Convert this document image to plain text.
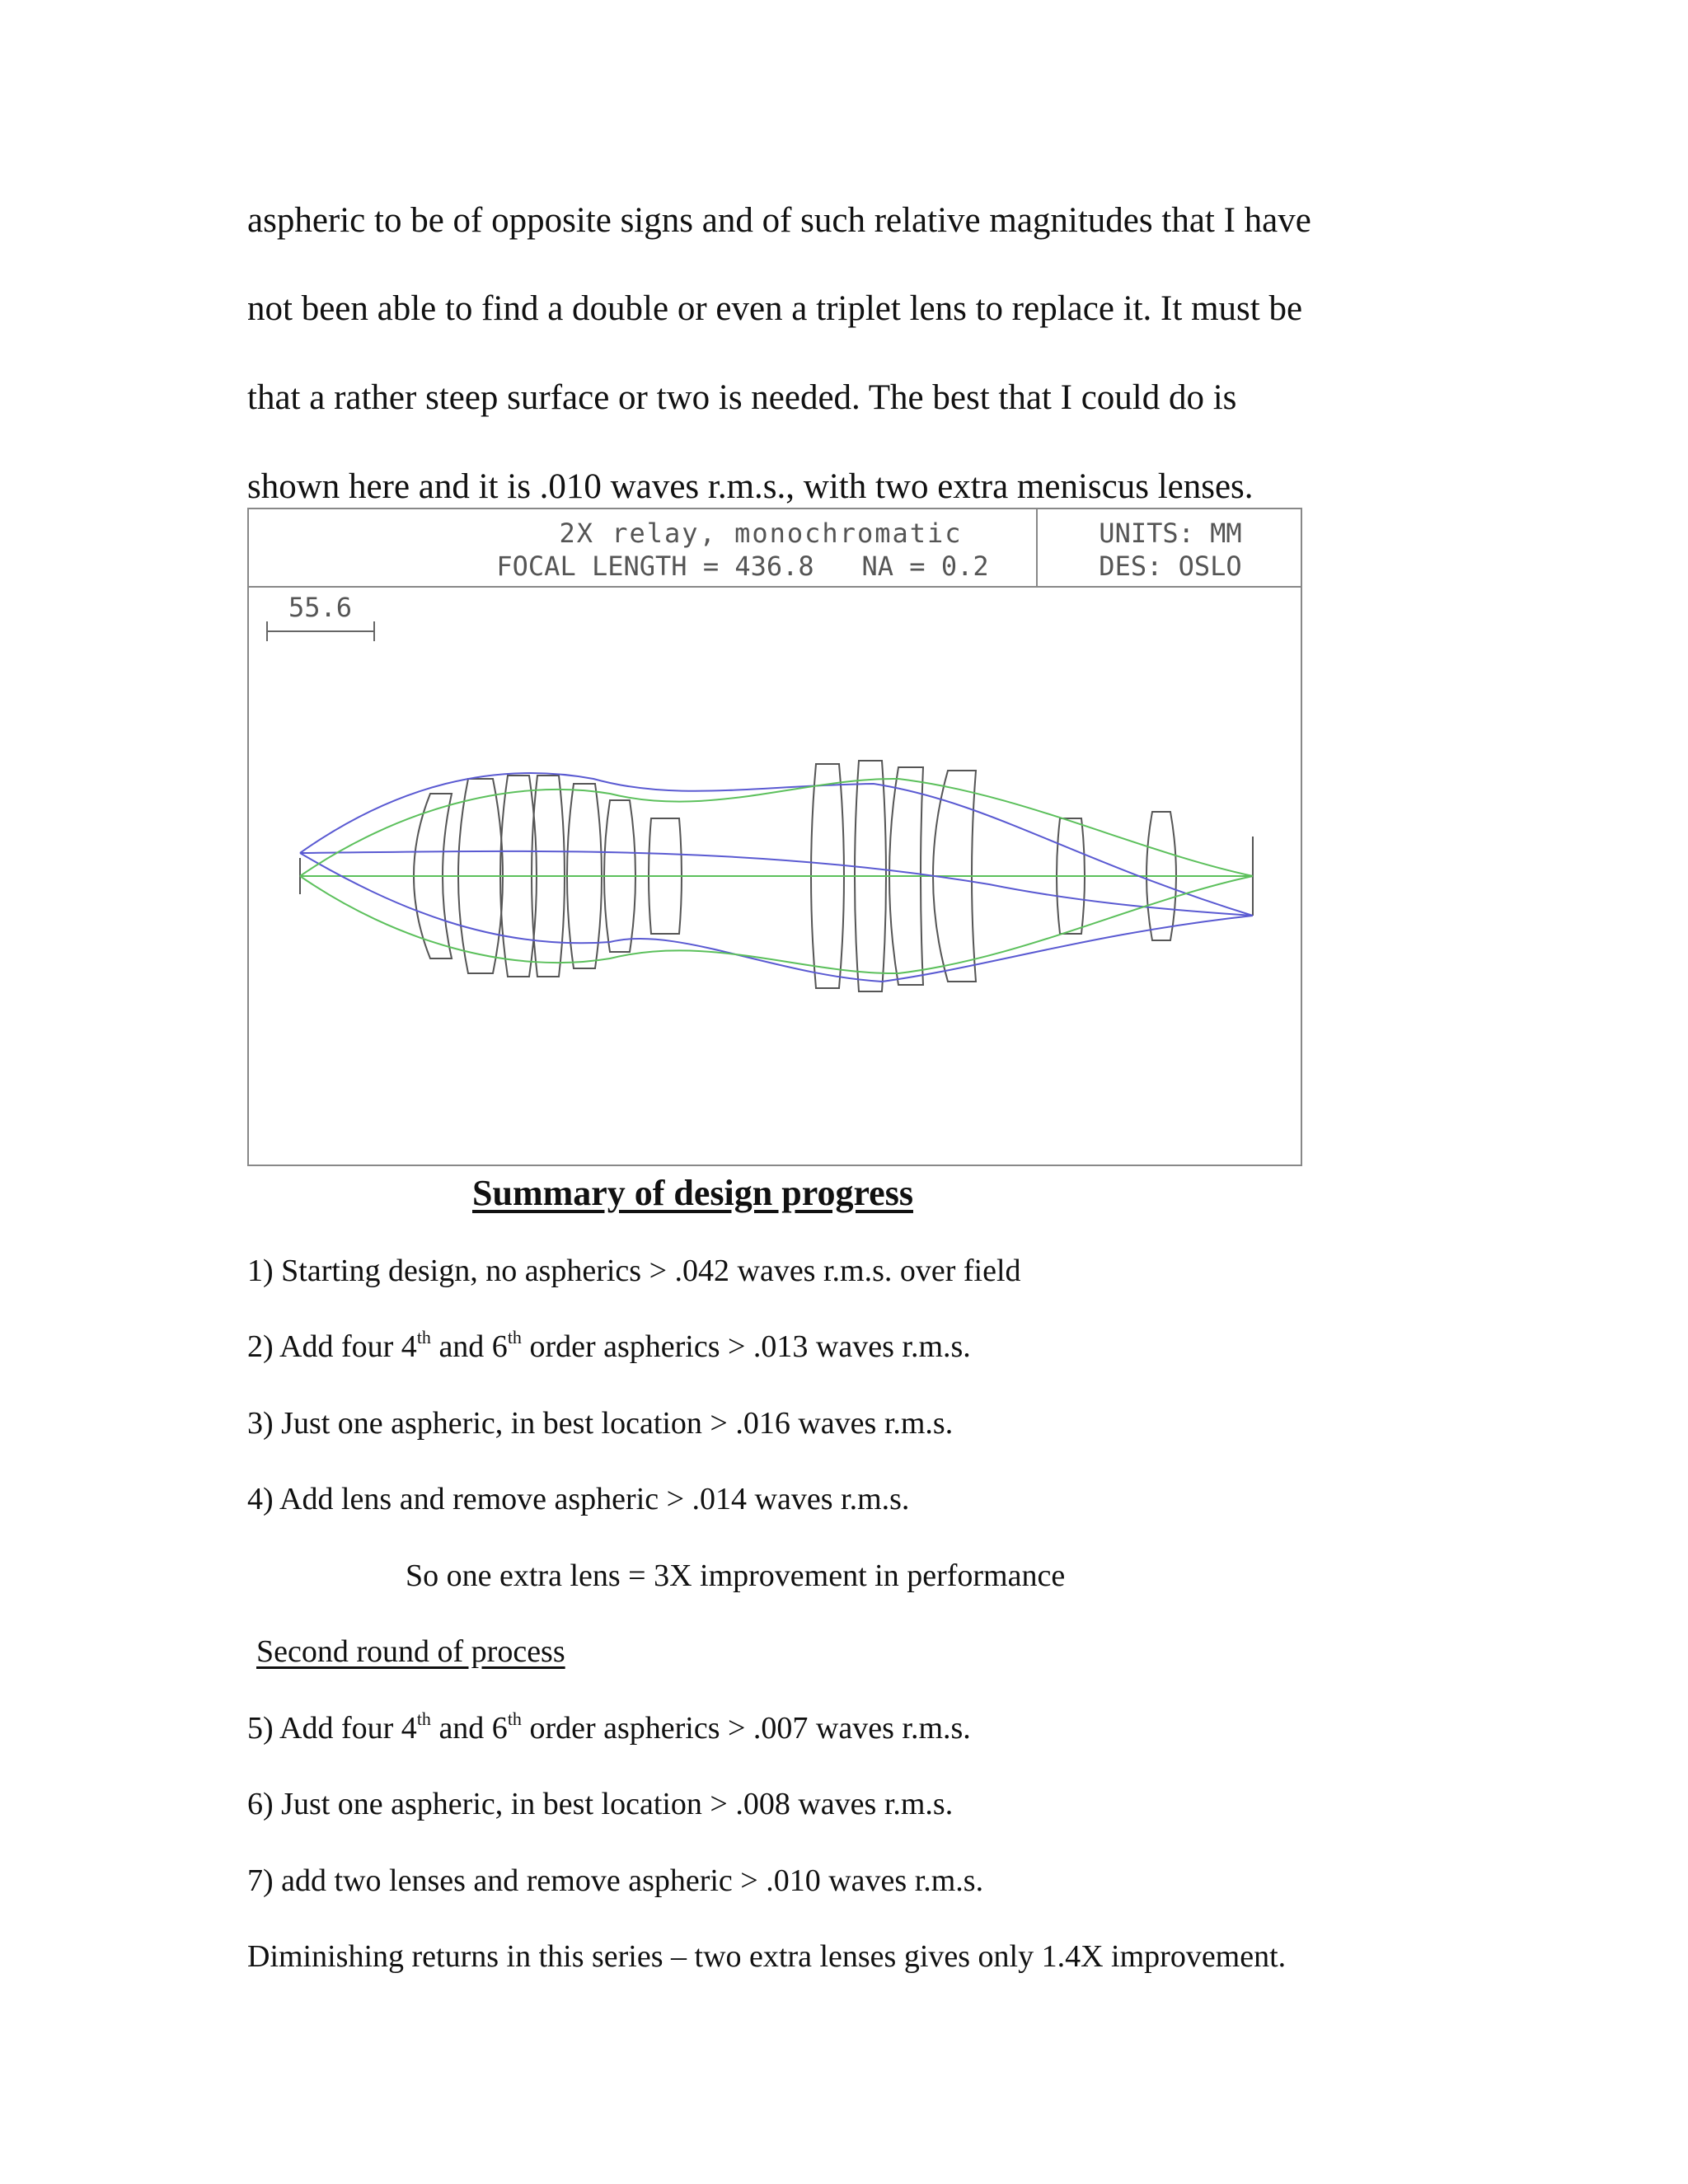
aspheric to be of opposite signs and of such relative magnitudes that I have
not been able to find a double or even a triplet lens to replace it. It must be
that a rather steep surface or two is needed. The best that I could do is
shown here and it is .010 waves r.m.s., with two extra meniscus lenses.
2X relay, monochromatic
FOCAL LENGTH = 436.8   NA = 0.2
UNITS: MM
DES: OSLO
55.6
Summary of design progress
1) Starting design, no aspherics > .042 waves r.m.s. over field
2) Add four 4th and 6th order aspherics > .013 waves r.m.s.
3) Just one aspheric, in best location > .016 waves r.m.s.
4) Add lens and remove aspheric > .014 waves r.m.s.
So one extra lens = 3X improvement in performance
Second round of process
5) Add four 4th and 6th order aspherics > .007 waves r.m.s.
6) Just one aspheric, in best location > .008 waves r.m.s.
7) add two lenses and remove aspheric > .010 waves r.m.s.
Diminishing returns in this series – two extra lenses gives only 1.4X improvement.
